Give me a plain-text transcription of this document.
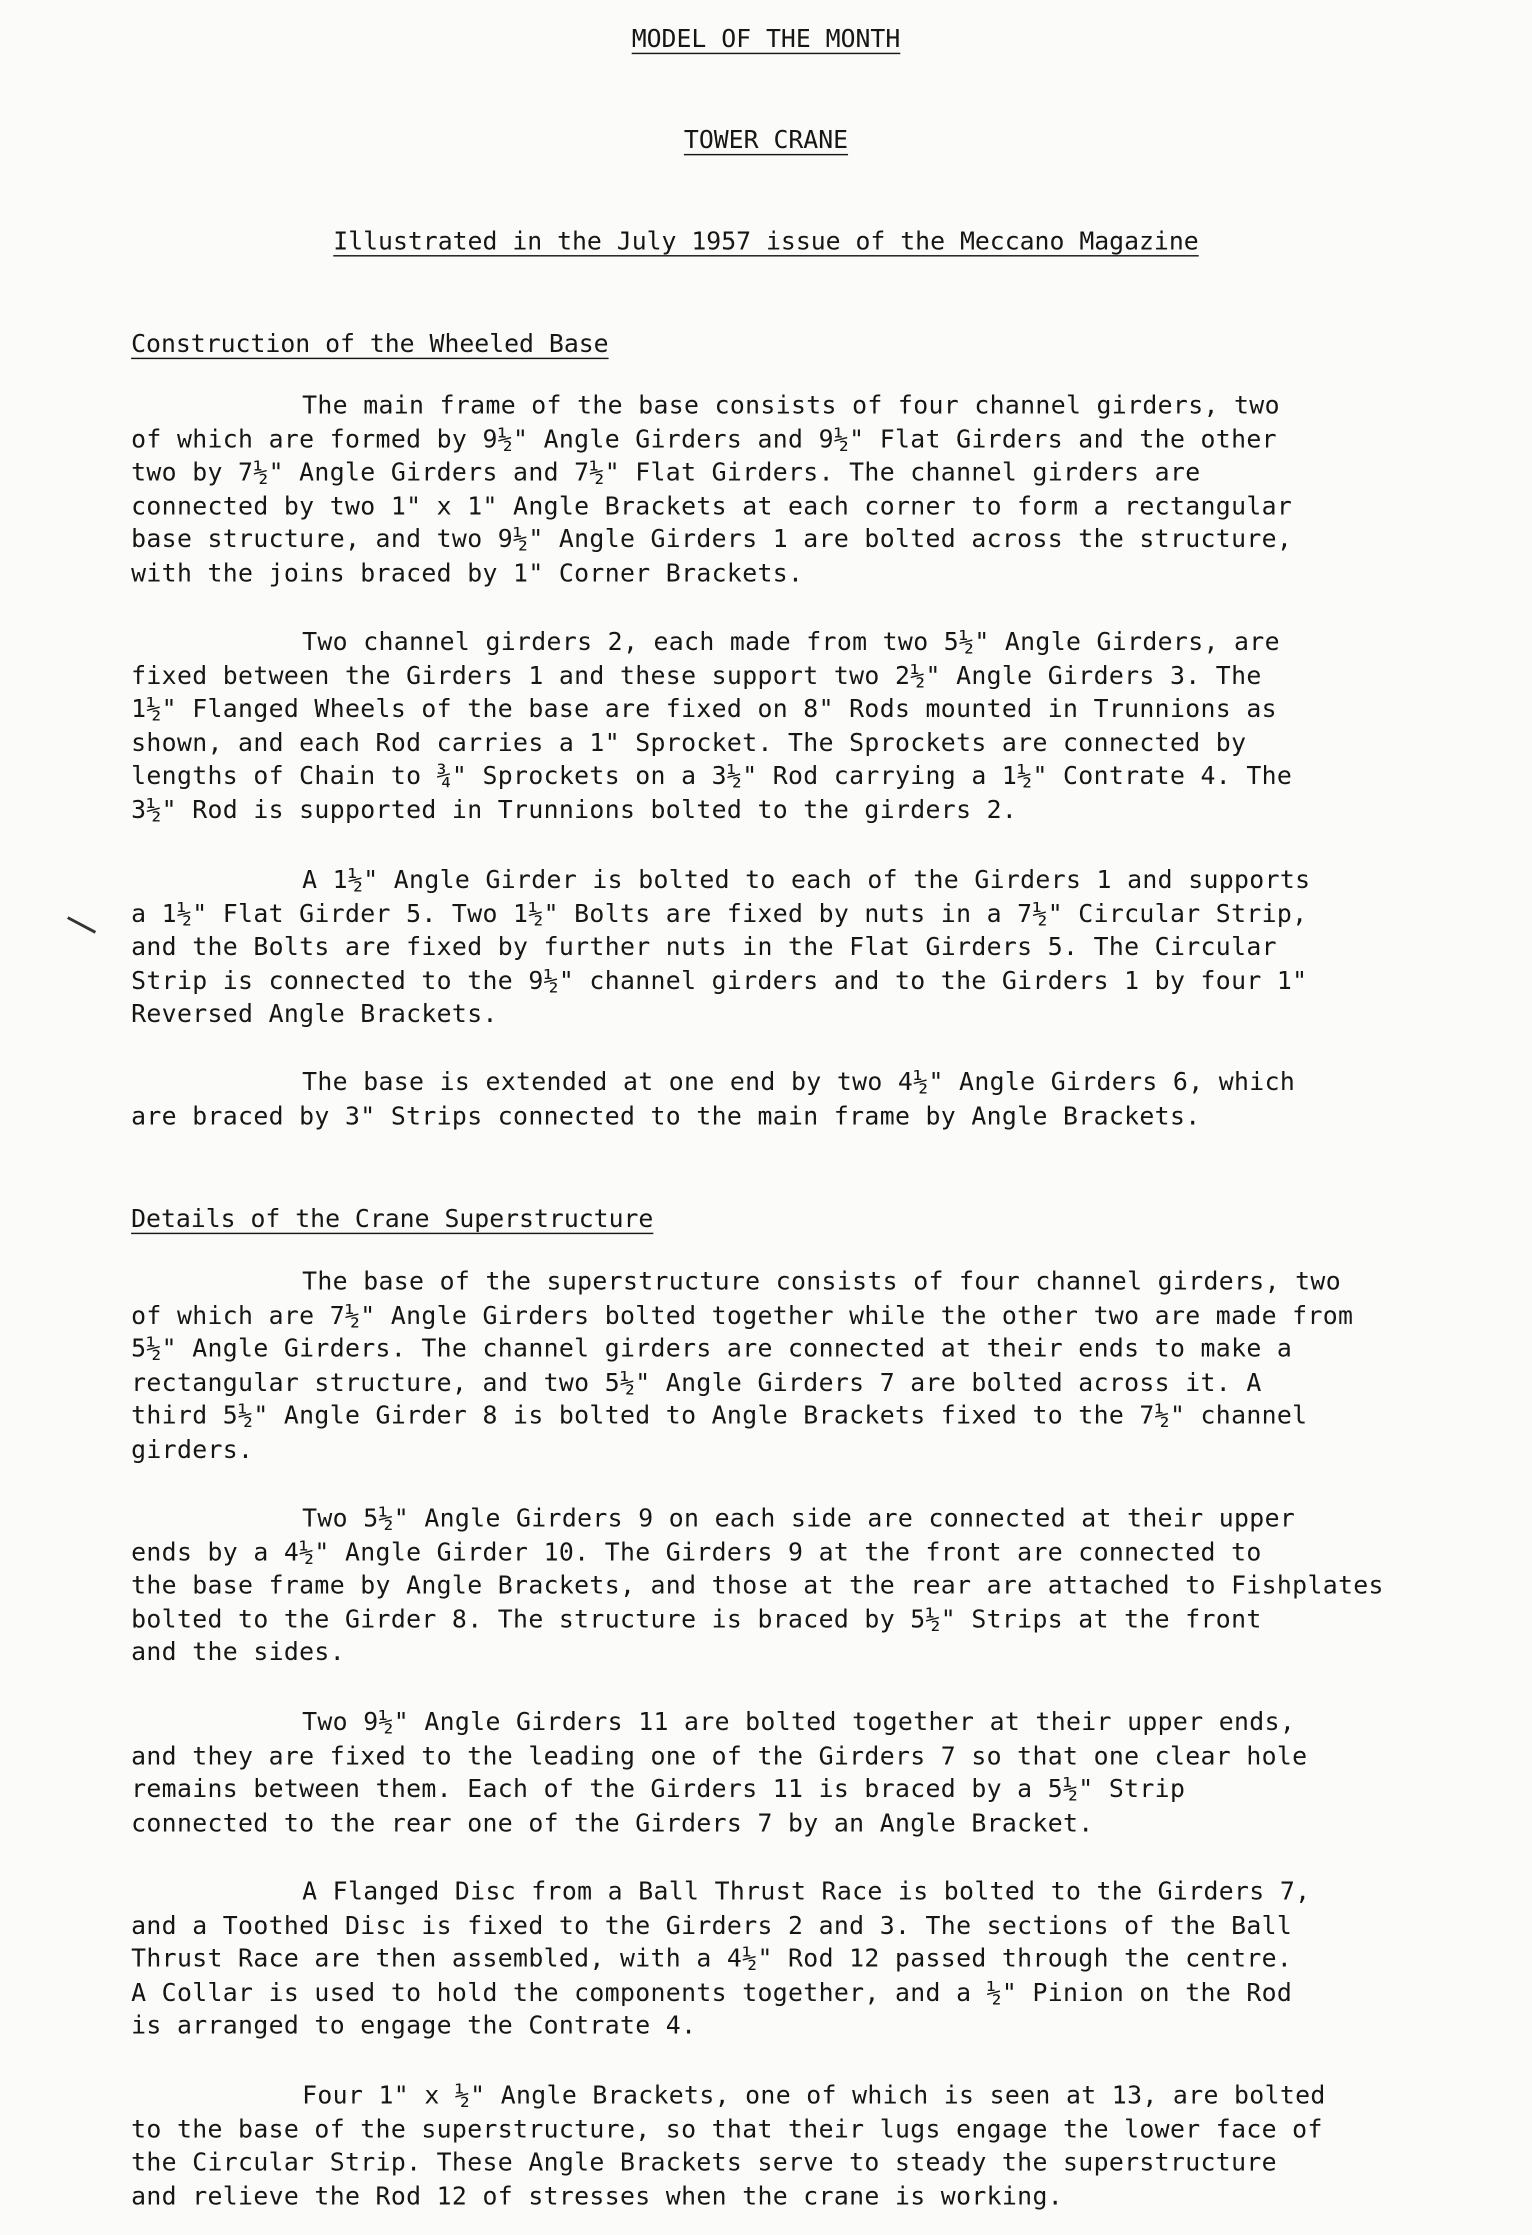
MODEL OF THE MONTH
TOWER CRANE
Illustrated in the July 1957 issue of the Meccano Magazine
Construction of the Wheeled Base
The main frame of the base consists of four channel girders, two
of which are formed by 9½" Angle Girders and 9½" Flat Girders and the other
two by 7½" Angle Girders and 7½" Flat Girders. The channel girders are
connected by two 1" x 1" Angle Brackets at each corner to form a rectangular
base structure, and two 9½" Angle Girders 1 are bolted across the structure,
with the joins braced by 1" Corner Brackets.
Two channel girders 2, each made from two 5½" Angle Girders, are
fixed between the Girders 1 and these support two 2½" Angle Girders 3. The
1½" Flanged Wheels of the base are fixed on 8" Rods mounted in Trunnions as
shown, and each Rod carries a 1" Sprocket. The Sprockets are connected by
lengths of Chain to ¾" Sprockets on a 3½" Rod carrying a 1½" Contrate 4. The
3½" Rod is supported in Trunnions bolted to the girders 2.
A 1½" Angle Girder is bolted to each of the Girders 1 and supports
a 1½" Flat Girder 5. Two 1½" Bolts are fixed by nuts in a 7½" Circular Strip,
and the Bolts are fixed by further nuts in the Flat Girders 5. The Circular
Strip is connected to the 9½" channel girders and to the Girders 1 by four 1"
Reversed Angle Brackets.
The base is extended at one end by two 4½" Angle Girders 6, which
are braced by 3" Strips connected to the main frame by Angle Brackets.
Details of the Crane Superstructure
The base of the superstructure consists of four channel girders, two
of which are 7½" Angle Girders bolted together while the other two are made from
5½" Angle Girders. The channel girders are connected at their ends to make a
rectangular structure, and two 5½" Angle Girders 7 are bolted across it. A
third 5½" Angle Girder 8 is bolted to Angle Brackets fixed to the 7½" channel
girders.
Two 5½" Angle Girders 9 on each side are connected at their upper
ends by a 4½" Angle Girder 10. The Girders 9 at the front are connected to
the base frame by Angle Brackets, and those at the rear are attached to Fishplates
bolted to the Girder 8. The structure is braced by 5½" Strips at the front
and the sides.
Two 9½" Angle Girders 11 are bolted together at their upper ends,
and they are fixed to the leading one of the Girders 7 so that one clear hole
remains between them. Each of the Girders 11 is braced by a 5½" Strip
connected to the rear one of the Girders 7 by an Angle Bracket.
A Flanged Disc from a Ball Thrust Race is bolted to the Girders 7,
and a Toothed Disc is fixed to the Girders 2 and 3. The sections of the Ball
Thrust Race are then assembled, with a 4½" Rod 12 passed through the centre.
A Collar is used to hold the components together, and a ½" Pinion on the Rod
is arranged to engage the Contrate 4.
Four 1" x ½" Angle Brackets, one of which is seen at 13, are bolted
to the base of the superstructure, so that their lugs engage the lower face of
the Circular Strip. These Angle Brackets serve to steady the superstructure
and relieve the Rod 12 of stresses when the crane is working.
